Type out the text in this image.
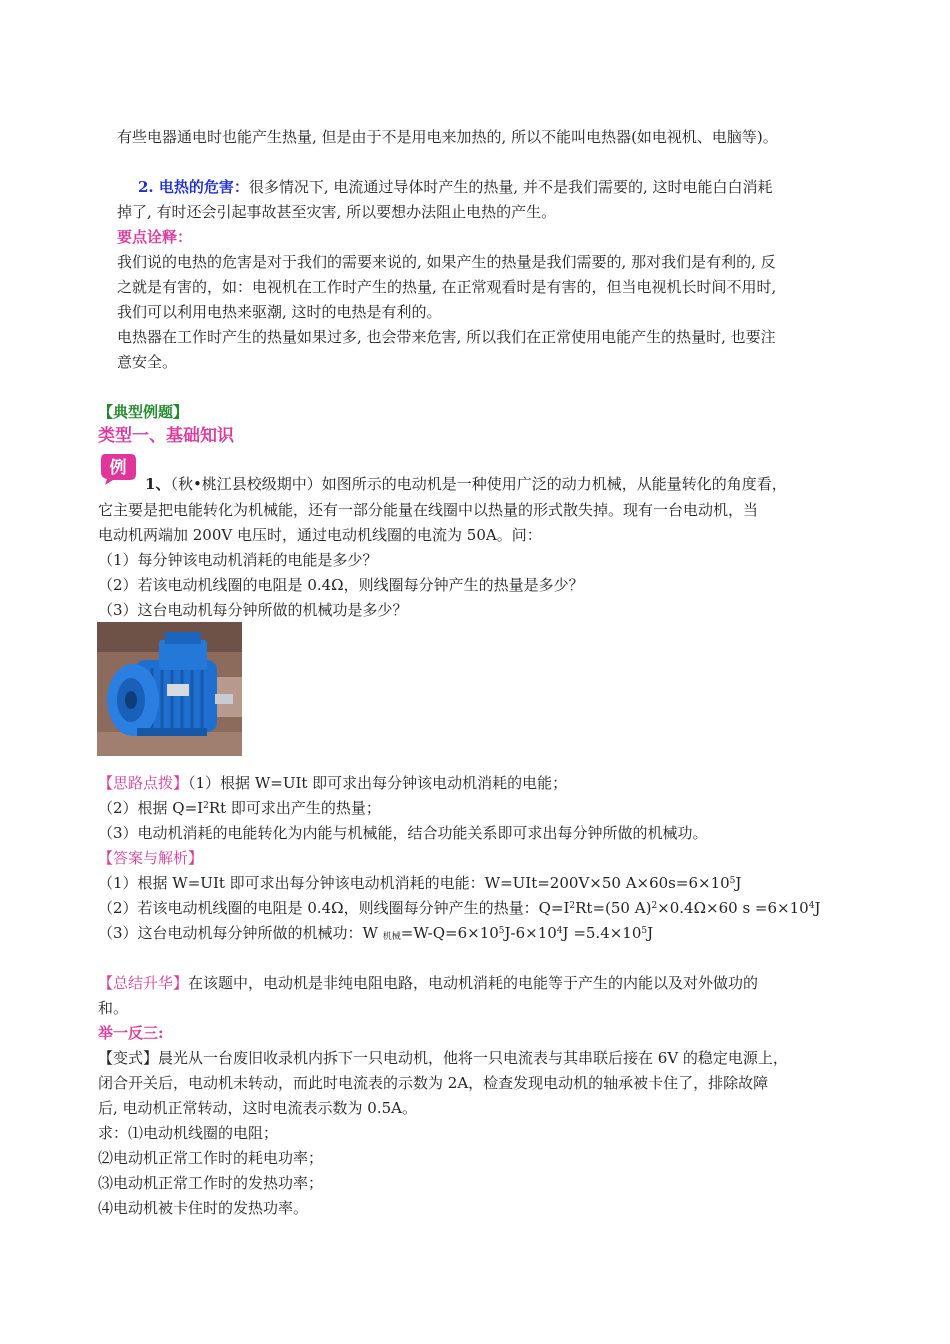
有些电器通电时也能产生热量, 但是由于不是用电来加热的, 所以不能叫电热器(如电视机、电脑等)。
2. 电热的危害：很多情况下, 电流通过导体时产生的热量, 并不是我们需要的, 这时电能白白消耗
掉了, 有时还会引起事故甚至灾害, 所以要想办法阻止电热的产生。
要点诠释：
我们说的电热的危害是对于我们的需要来说的, 如果产生的热量是我们需要的, 那对我们是有利的, 反
之就是有害的，如：电视机在工作时产生的热量, 在正常观看时是有害的，但当电视机长时间不用时,
我们可以利用电热来驱潮, 这时的电热是有利的。
电热器在工作时产生的热量如果过多, 也会带来危害, 所以我们在正常使用电能产生的热量时, 也要注
意安全。
【典型例题】
类型一、基础知识
例
1、（秋•桃江县校级期中）如图所示的电动机是一种使用广泛的动力机械，从能量转化的角度看，
它主要是把电能转化为机械能，还有一部分能量在线圈中以热量的形式散失掉。现有一台电动机，当
电动机两端加 200V 电压时，通过电动机线圈的电流为 50A。问：
（1）每分钟该电动机消耗的电能是多少？
（2）若该电动机线圈的电阻是 0.4Ω，则线圈每分钟产生的热量是多少？
（3）这台电动机每分钟所做的机械功是多少？
【思路点拨】（1）根据 W=UIt 即可求出每分钟该电动机消耗的电能；
（2）根据 $Q=I^2Rt$ 即可求出产生的热量；
（3）电动机消耗的电能转化为内能与机械能，结合功能关系即可求出每分钟所做的机械功。
【答案与解析】
（1）根据 W=UIt 即可求出每分钟该电动机消耗的电能：W=UIt=200V×50 $A\times 60s=6\times 10^5J$
（2）若该电动机线圈的电阻是 0.4Ω，则线圈每分钟产生的热量：$Q=I^2Rt=(50$ A)$^2$×0.4Ω×60 $s =6\times 10^4J$
（3）这台电动机每分钟所做的机械功：W $_{机械}=W-Q=6\times 10^5J-6\times 10^4J =5.4\times 10^5J$
【总结升华】在该题中，电动机是非纯电阻电路，电动机消耗的电能等于产生的内能以及对外做功的
和。
举一反三:
【变式】晨光从一台废旧收录机内拆下一只电动机，他将一只电流表与其串联后接在 6V 的稳定电源上，
闭合开关后，电动机未转动，而此时电流表的示数为 2A，检查发现电动机的轴承被卡住了，排除故障
后, 电动机正常转动，这时电流表示数为 0.5A。
求：⑴电动机线圈的电阻；
⑵电动机正常工作时的耗电功率；
⑶电动机正常工作时的发热功率；
⑷电动机被卡住时的发热功率。
